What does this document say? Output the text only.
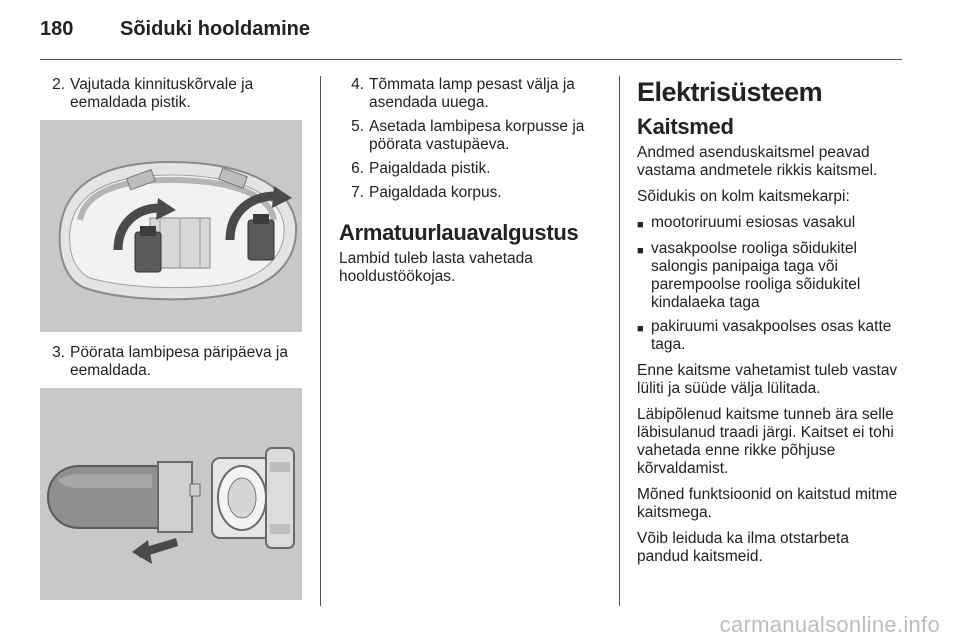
180	Sõiduki hooldamine
2. Vajutada kinnituskõrvale ja eemaldada pistik.
3. Pöörata lambipesa päripäeva ja eemaldada.
4. Tõmmata lamp pesast välja ja asendada uuega.
5. Asetada lambipesa korpusse ja pöörata vastupäeva.
6. Paigaldada pistik.
7. Paigaldada korpus.
Armatuurlauavalgustus

Lambid tuleb lasta vahetada hooldustöökojas.

Elektrisüsteem
Kaitsmed

Andmed asenduskaitsmel peavad vastama andmetele rikkis kaitsmel.

Sõidukis on kolm kaitsmekarpi:

■ mootoriruumi esiosas vasakul
■ vasakpoolse rooliga sõidukitel salongis panipaiga taga või parempoolse rooliga sõidukitel kindalaeka taga
■ pakiruumi vasakpoolses osas katte taga.

Enne kaitsme vahetamist tuleb vastav lüliti ja süüde välja lülitada.

Läbipõlenud kaitsme tunneb ära selle läbisulanud traadi järgi. Kaitset ei tohi vahetada enne rikke põhjuse kõrvaldamist.

Mõned funktsioonid on kaitstud mitme kaitsmega.

Võib leiduda ka ilma otstarbeta pandud kaitsmeid.

carmanualsonline.info
